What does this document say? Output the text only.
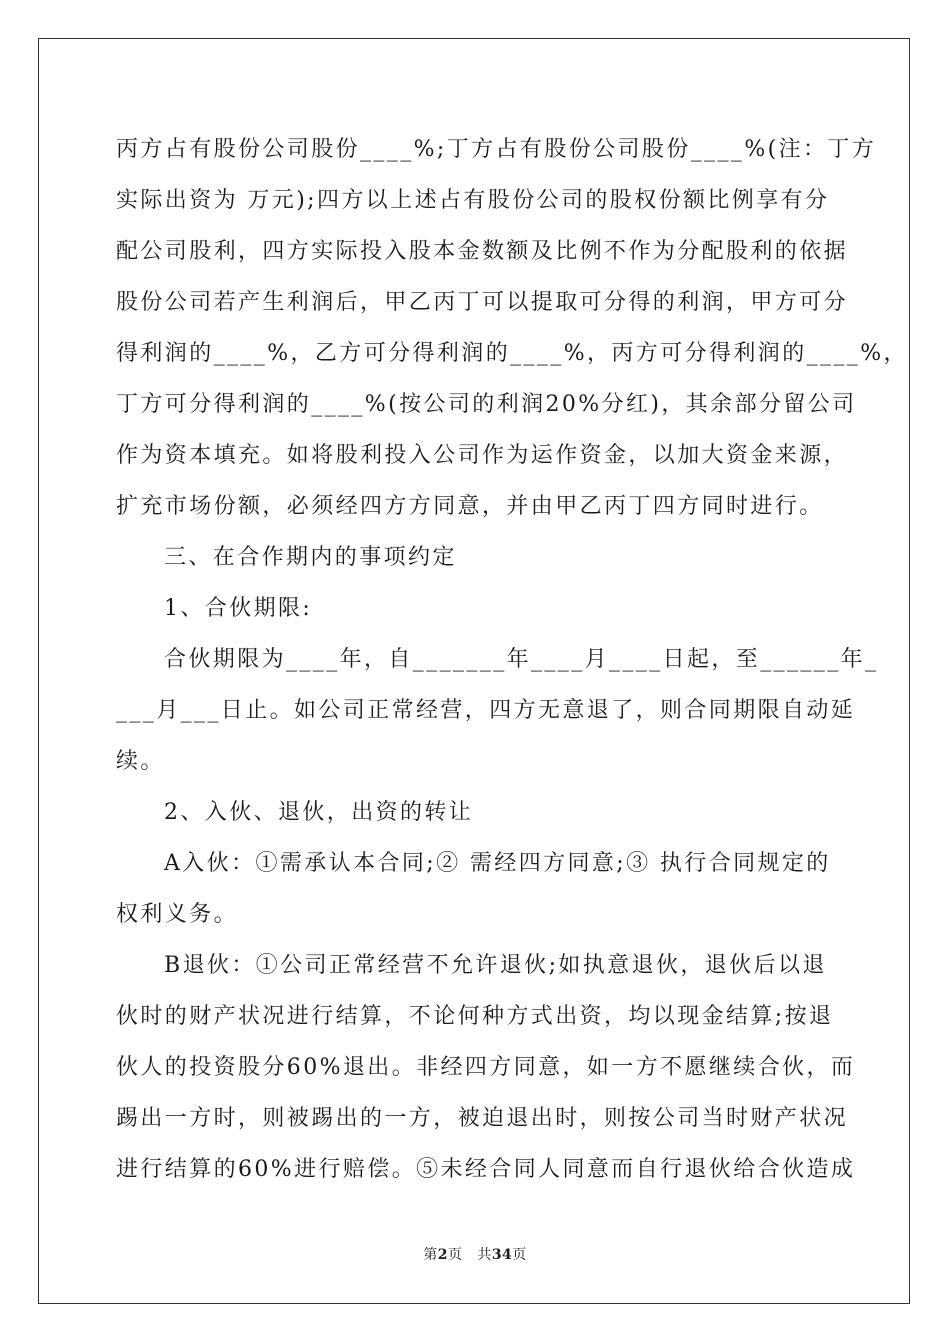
丙方占有股份公司股份____%;丁方占有股份公司股份____%(注：丁方
实际出资为 万元);四方以上述占有股份公司的股权份额比例享有分
配公司股利，四方实际投入股本金数额及比例不作为分配股利的依据
股份公司若产生利润后，甲乙丙丁可以提取可分得的利润，甲方可分
得利润的____%，乙方可分得利润的____%，丙方可分得利润的____%，
丁方可分得利润的____%(按公司的利润20%分红)，其余部分留公司
作为资本填充。如将股利投入公司作为运作资金，以加大资金来源，
扩充市场份额，必须经四方方同意，并由甲乙丙丁四方同时进行。
三、在合作期内的事项约定
1、合伙期限:
合伙期限为____年，自_______年____月____日起，至______年_
___月___日止。如公司正常经营，四方无意退了，则合同期限自动延
续。
2、入伙、退伙，出资的转让
A入伙：①需承认本合同;② 需经四方同意;③ 执行合同规定的
权利义务。
B退伙：①公司正常经营不允许退伙;如执意退伙，退伙后以退
伙时的财产状况进行结算，不论何种方式出资，均以现金结算;按退
伙人的投资股分60%退出。非经四方同意，如一方不愿继续合伙，而
踢出一方时，则被踢出的一方，被迫退出时，则按公司当时财产状况
进行结算的60%进行赔偿。⑤未经合同人同意而自行退伙给合伙造成
第2页 共34页
